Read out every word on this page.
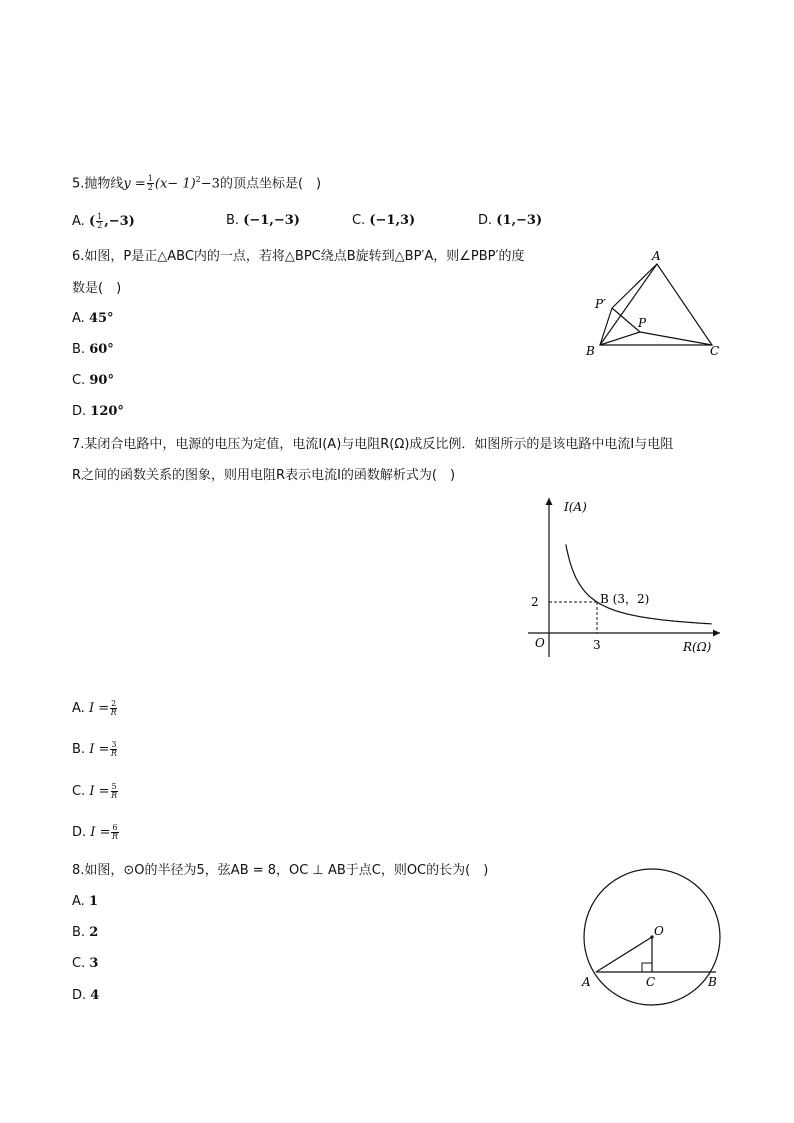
5.抛物线$y = \frac{1}{2} (x- 1)^2-3$的顶点坐标是(　)
A. ( $\frac{1}{2} ,-3$)	B. (−1,−3)	C. (−1,3)	D. (1,−3)
6.如图，P是正△ABC内的一点，若将△BPC绕点B旋转到△BP′A，则∠PBP′的度
数是(　)
A. 45°
B. 60°
C. 90°
D. 120°
A
B	C
P
P′
7.某闭合电路中，电源的电压为定值，电流I(A)与电阻R(Ω)成反比例．如图所示的是该电路中电流I与电阻
R之间的函数关系的图象，则用电阻R表示电流I的函数解析式为(　)
I(A)
R(Ω)
O
2
3
B (3，2)
A. $I = \frac{2}{R}$
B. $I = \frac{3}{R}$
C. $I = \frac{5}{R}$
D. $I = \frac{6}{R}$
8.如图，⊙O的半径为5，弦AB = 8，OC ⊥ AB于点C，则OC的长为(　)
A. 1
B. 2
C. 3
D. 4
O
A	B
C
